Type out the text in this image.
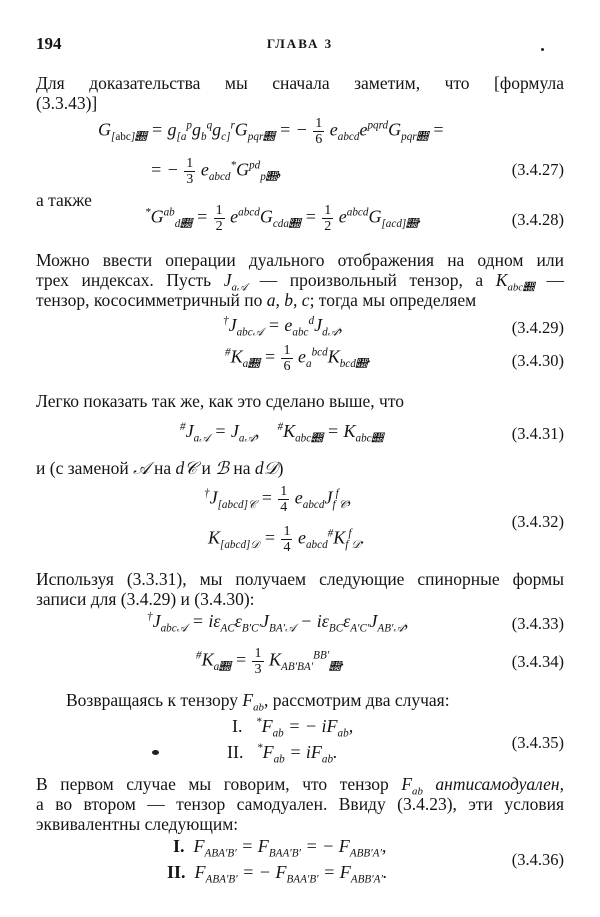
194	ГЛАВА 3
Для доказательства мы сначала заметим, что [формула
(3.3.43)]
$G_{[abc]𝒝} = g_{[a}^pg_b^qg_{c]}^rG_{pqr𝒝}$ = − $\frac{1}{6} e_{abcd}e^{pqrd}G_{pqr𝒝}$ =
= − $\frac{1}{3} e_{abcd}^*G^{pd}_{p𝒝}$,	(3.4.27)
а также
$^*G^{ab}_{d𝒝} = \frac{1}{2} e^{abcd}G_{cda𝒝} = \frac{1}{2} e^{abcd}G_{[acd]𝒝}$.	(3.4.28)
Можно ввести операции дуального отображения на одном или
трех индексах. Пусть $J_{a𝒜}$ — произвольный тензор, а $K_{abc𝒝}$ —
тензор, кососимметричный по a, b, c; тогда мы определяем
$^\dagger J_{abc𝒜} = e_{abc}^dJ_{d𝒜}$,	(3.4.29)
$^{\#}K_{a𝒝} = \frac{1}{6} e_a^{bcd}K_{bcd𝒝}$.	(3.4.30)
Легко показать так же, как это сделано выше, что
$^{\#}J_{a𝒜} = J_{a𝒜}$,    $^{\#}K_{abc𝒝} = K_{abc𝒝}$	(3.4.31)
и (с заменой 𝒜 на d𝒞 и ℬ на d𝒟)
$^\dagger J_{[abcd]𝒞} = \frac{1}{4} e_{abcd}J_f^f_𝒞$,
$K_{[abcd]𝒟} = \frac{1}{4} e_{abcd}^{\#}K_f^f_𝒟$.
(3.4.32)
Используя (3.3.31), мы получаем следующие спинорные формы
записи для (3.4.29) и (3.4.30):
$^\dagger J_{abc𝒜} = i\varepsilon_{AC}\varepsilon_{B'C'}J_{BA'𝒜} - i\varepsilon_{BC}\varepsilon_{A'C'}J_{AB'𝒜}$,	(3.4.33)
$^{\#}K_{a𝒝} = \frac{1}{3} K_{AB'BA'}^{BB'}_𝒝$.	(3.4.34)
Возвращаясь к тензору $F_{ab}$, рассмотрим два случая:
I. $^*F_{ab}$ = − $iF_{ab}$,
II. $^*F_{ab} = iF_{ab}$.	(3.4.35)
В первом случае мы говорим, что тензор $F_{ab}$ антисамодуален,
а во втором — тензор самодуален. Ввиду (3.4.23), эти условия
эквивалентны следующим:
I.  $F_{ABA'B'} = F_{BAA'B'}$ = − $F_{ABB'A'}$,
II.  $F_{ABA'B'}$ = − $F_{BAA'B'} = F_{ABB'A'}$.
(3.4.36)
